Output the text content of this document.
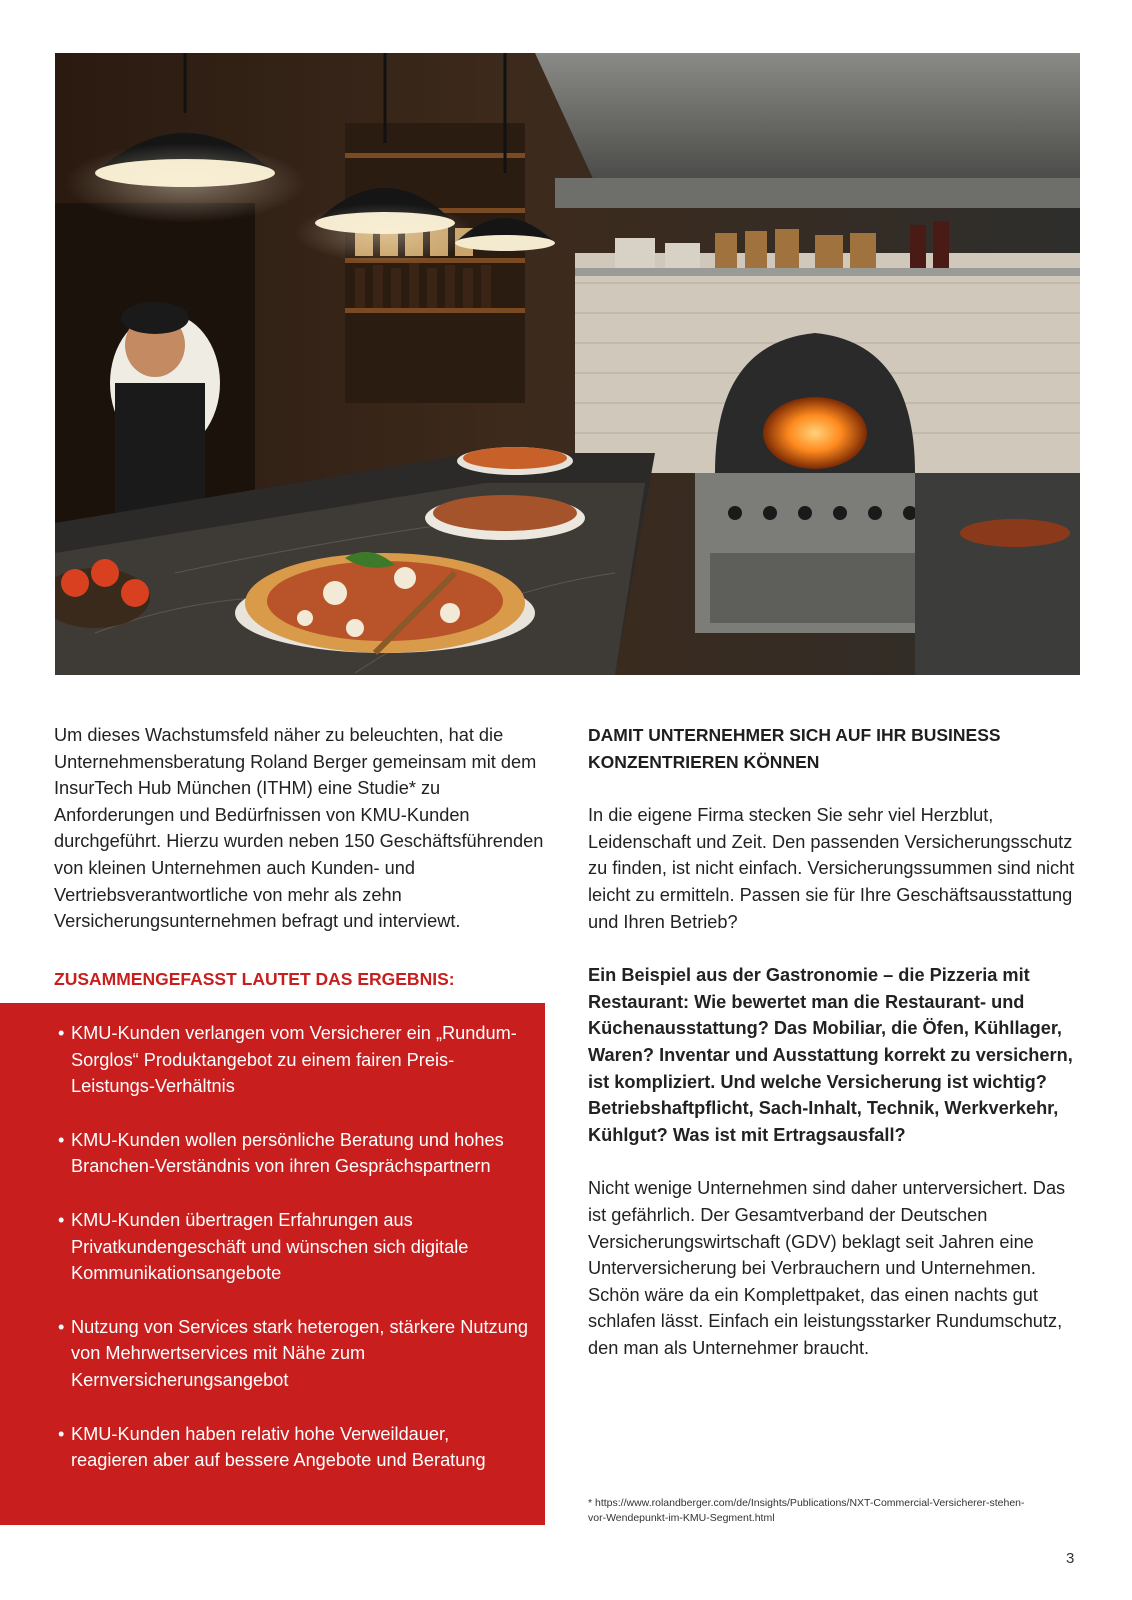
Um dieses Wachstumsfeld näher zu beleuchten, hat die Unternehmensberatung Roland Berger gemeinsam mit dem InsurTech Hub München (ITHM) eine Studie* zu Anforderungen und Bedürfnissen von KMU-Kunden durchgeführt. Hierzu wurden neben 150 Geschäftsführenden von kleinen Unternehmen auch Kunden- und Vertriebsverantwortliche von mehr als zehn Versicherungsunternehmen befragt und interviewt.

ZUSAMMENGEFASST LAUTET DAS ERGEBNIS:
• KMU-Kunden verlangen vom Versicherer ein „Rundum-Sorglos“ Produktangebot zu einem fairen Preis-Leistungs-Verhältnis
• KMU-Kunden wollen persönliche Beratung und hohes Branchen-Verständnis von ihren Gesprächspartnern
• KMU-Kunden übertragen Erfahrungen aus Privatkundengeschäft und wünschen sich digitale Kommunikationsangebote
• Nutzung von Services stark heterogen, stärkere Nutzung von Mehrwertservices mit Nähe zum Kernversicherungsangebot
• KMU-Kunden haben relativ hohe Verweildauer, reagieren aber auf bessere Angebote und Beratung
DAMIT UNTERNEHMER SICH AUF IHR BUSINESS KONZENTRIEREN KÖNNEN

In die eigene Firma stecken Sie sehr viel Herzblut, Leidenschaft und Zeit. Den passenden Versicherungsschutz zu finden, ist nicht einfach. Versicherungssummen sind nicht leicht zu ermitteln. Passen sie für Ihre Geschäftsausstattung und Ihren Betrieb?

Ein Beispiel aus der Gastronomie – die Pizzeria mit Restaurant: Wie bewertet man die Restaurant- und Küchenausstattung? Das Mobiliar, die Öfen, Kühllager, Waren? Inventar und Ausstattung korrekt zu versichern, ist kompliziert. Und welche Versicherung ist wichtig? Betriebshaftpflicht, Sach-Inhalt, Technik, Werkverkehr, Kühlgut? Was ist mit Ertragsausfall?

Nicht wenige Unternehmen sind daher unterversichert. Das ist gefährlich. Der Gesamtverband der Deutschen Versicherungswirtschaft (GDV) beklagt seit Jahren eine Unterversicherung bei Verbrauchern und Unternehmen. Schön wäre da ein Komplettpaket, das einen nachts gut schlafen lässt. Einfach ein leistungsstarker Rundumschutz, den man als Unternehmer braucht.

* https://www.rolandberger.com/de/Insights/Publications/NXT-Commercial-Versicherer-stehen-vor-Wendepunkt-im-KMU-Segment.html
3
